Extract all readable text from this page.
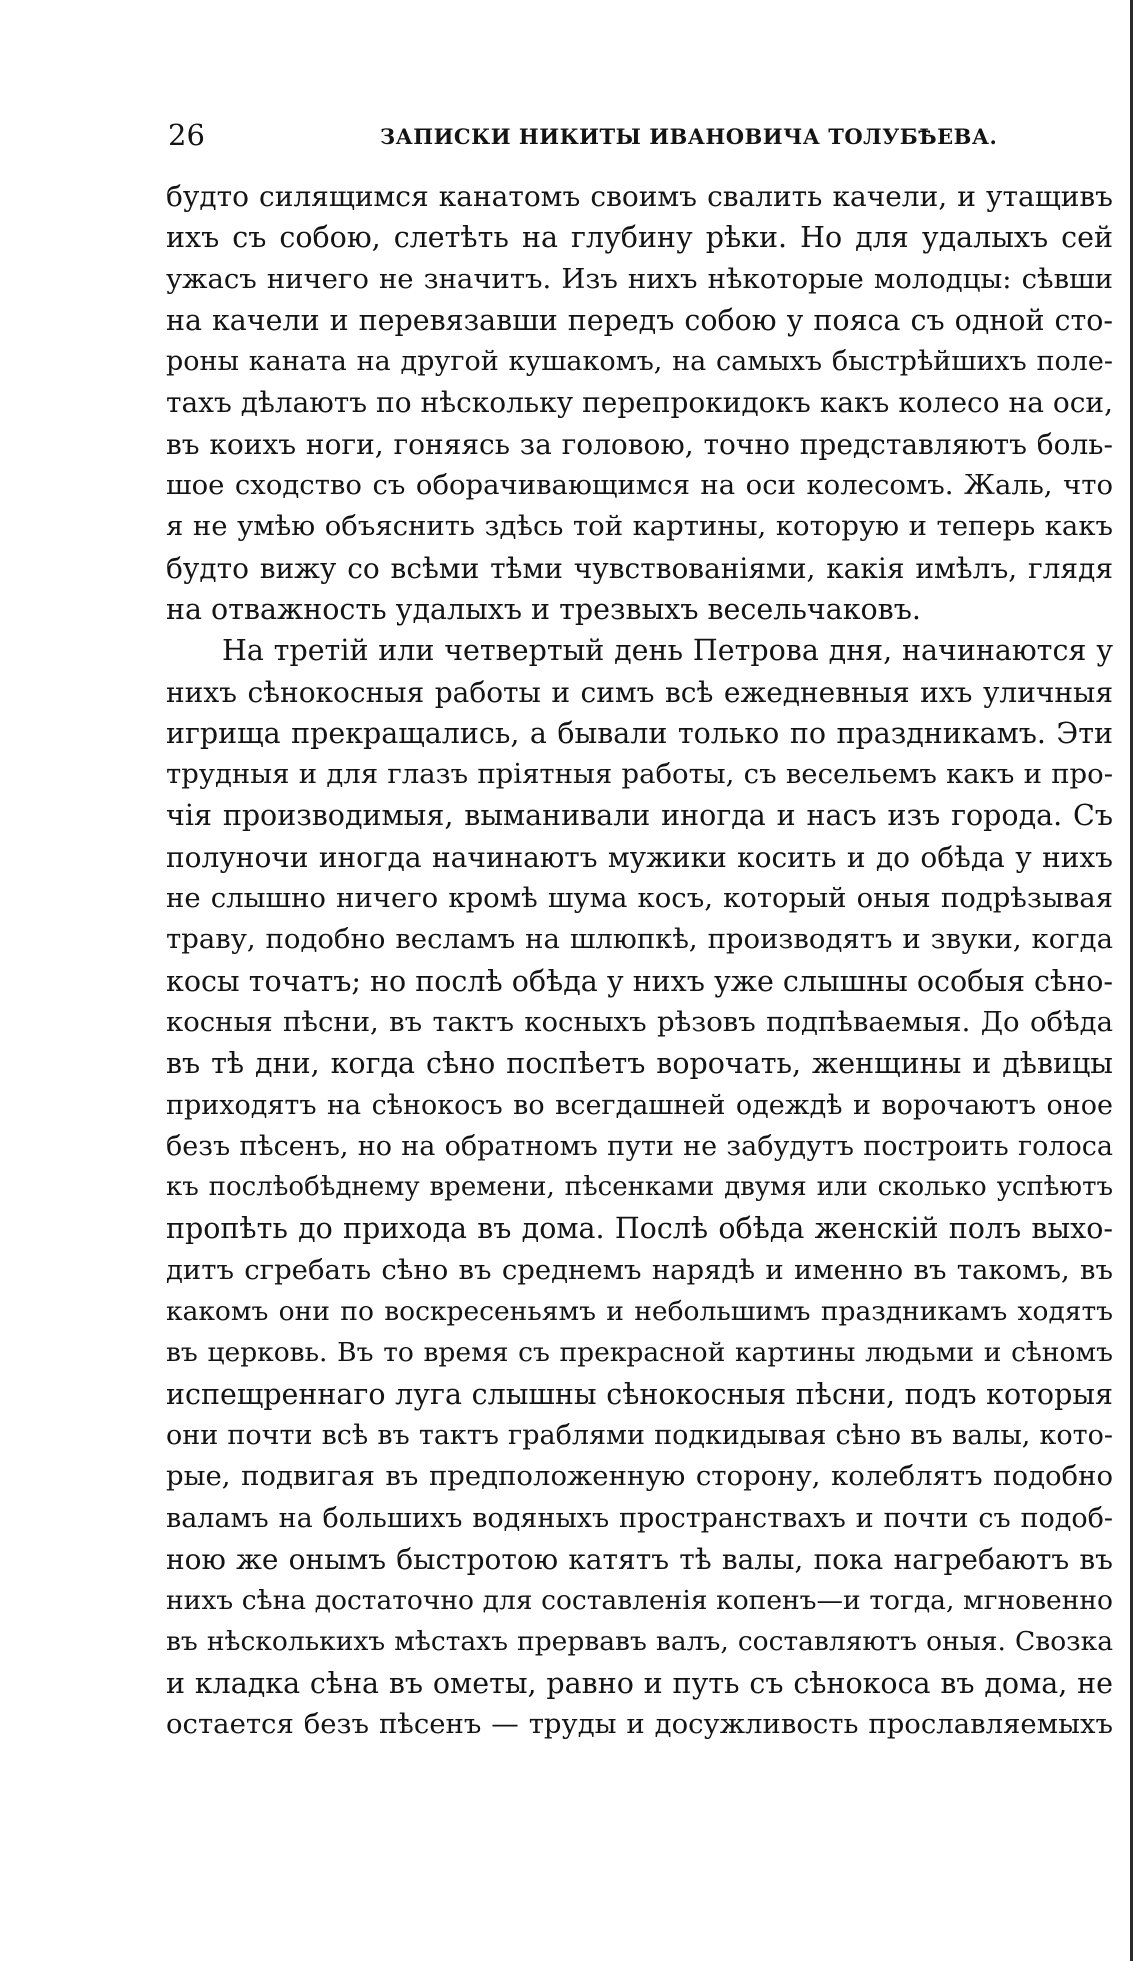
26	ЗАПИСКИ НИКИТЫ ИВАНОВИЧА ТОЛУБѢЕВА.
будто силящимся канатомъ своимъ свалить качели, и утащивъ
ихъ съ собою, слетѣть на глубину рѣки. Но для удалыхъ сей
ужасъ ничего не значитъ. Изъ нихъ нѣкоторые молодцы: сѣвши
на качели и перевязавши передъ собою у пояса съ одной сто-
роны каната на другой кушакомъ, на самыхъ быстрѣйшихъ поле-
тахъ дѣлаютъ по нѣскольку перепрокидокъ какъ колесо на оси,
въ коихъ ноги, гоняясь за головою, точно представляютъ боль-
шое сходство съ оборачивающимся на оси колесомъ. Жаль, что
я не умѣю объяснить здѣсь той картины, которую и теперь какъ
будто вижу со всѣми тѣми чувствованіями, какія имѣлъ, глядя
на отважность удалыхъ и трезвыхъ весельчаковъ.
На третій или четвертый день Петрова дня, начинаются у
нихъ сѣнокосныя работы и симъ всѣ ежедневныя ихъ уличныя
игрища прекращались, а бывали только по праздникамъ. Эти
трудныя и для глазъ пріятныя работы, съ весельемъ какъ и про-
чія производимыя, выманивали иногда и насъ изъ города. Съ
полуночи иногда начинаютъ мужики косить и до обѣда у нихъ
не слышно ничего кромѣ шума косъ, который оныя подрѣзывая
траву, подобно весламъ на шлюпкѣ, производятъ и звуки, когда
косы точатъ; но послѣ обѣда у нихъ уже слышны особыя сѣно-
косныя пѣсни, въ тактъ косныхъ рѣзовъ подпѣваемыя. До обѣда
въ тѣ дни, когда сѣно поспѣетъ ворочать, женщины и дѣвицы
приходятъ на сѣнокосъ во всегдашней одеждѣ и ворочаютъ оное
безъ пѣсенъ, но на обратномъ пути не забудутъ построить голоса
къ послѣобѣднему времени, пѣсенками двумя или сколько успѣютъ
пропѣть до прихода въ дома. Послѣ обѣда женскій полъ выхо-
дитъ сгребать сѣно въ среднемъ нарядѣ и именно въ такомъ, въ
какомъ они по воскресеньямъ и небольшимъ праздникамъ ходятъ
въ церковь. Въ то время съ прекрасной картины людьми и сѣномъ
испещреннаго луга слышны сѣнокосныя пѣсни, подъ которыя
они почти всѣ въ тактъ граблями подкидывая сѣно въ валы, кото-
рые, подвигая въ предположенную сторону, колеблятъ подобно
валамъ на большихъ водяныхъ пространствахъ и почти съ подоб-
ною же онымъ быстротою катятъ тѣ валы, пока нагребаютъ въ
нихъ сѣна достаточно для составленія копенъ—и тогда, мгновенно
въ нѣсколькихъ мѣстахъ прервавъ валъ, составляютъ оныя. Свозка
и кладка сѣна въ ометы, равно и путь съ сѣнокоса въ дома, не
остается безъ пѣсенъ — труды и досужливость прославляемыхъ
